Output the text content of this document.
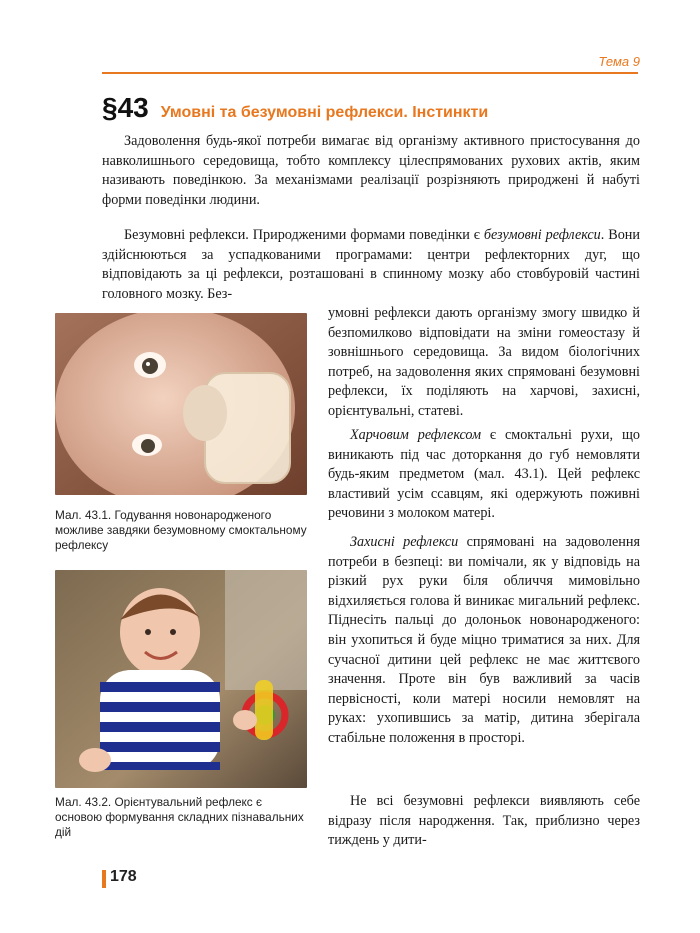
Тема 9
§43 Умовні та безумовні рефлекси. Інстинкти

Задоволення будь-якої потреби вимагає від організму активного пристосування до навколишнього середовища, тобто комплексу цілеспрямованих рухових актів, яким називають поведінкою. За механізмами реалізації розрізняють природжені й набуті форми поведінки людини.

Безумовні рефлекси. Природженими формами поведінки є безумовні рефлекси. Вони здійснюються за успадкованими програмами: центри рефлекторних дуг, що відповідають за ці рефлекси, розташовані в спинному мозку або стовбуровій частині головного мозку. Без-

умовні рефлекси дають організму змогу швидко й безпомилково відповідати на зміни гомеостазу й зовнішнього середовища. За видом біологічних потреб, на задоволення яких спрямовані безумовні рефлекси, їх поділяють на харчові, захисні, орієнтувальні, статеві.

Харчовим рефлексом є смоктальні рухи, що виникають під час доторкання до губ немовляти будь-яким предметом (мал. 43.1). Цей рефлекс властивий усім ссавцям, які одержують поживні речовини з молоком матері.

Захисні рефлекси спрямовані на задоволення потреби в безпеці: ви помічали, як у відповідь на різкий рух руки біля обличчя мимовільно відхиляється голова й виникає мигальний рефлекс. Піднесіть пальці до долоньок новонародженого: він ухопиться й буде міцно триматися за них. Для сучасної дитини цей рефлекс не має життєвого значення. Проте він був важливий за часів первісності, коли матері носили немовлят на руках: ухопившись за матір, дитина зберігала стабільне положення в просторі.

Не всі безумовні рефлекси виявляють себе відразу після народження. Так, приблизно через тиждень у дити-

Мал. 43.1. Годування новонародженого можливе завдяки безумовному смоктальному рефлексу

Мал. 43.2. Орієнтувальний рефлекс є основою формування складних пізнавальних дій

178
